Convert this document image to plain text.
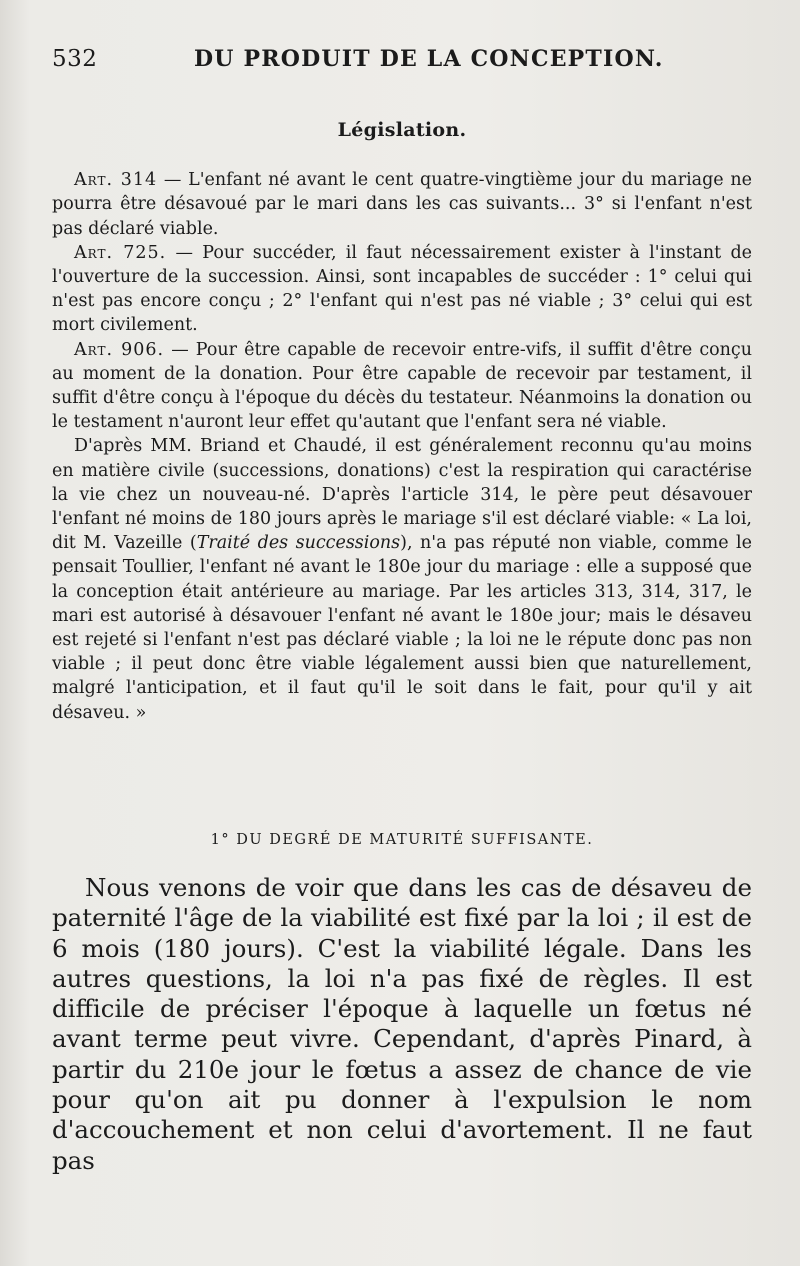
532	DU PRODUIT DE LA CONCEPTION.

Législation.

Art. 314 — L'enfant né avant le cent quatre-vingtième jour du mariage ne pourra être désavoué par le mari dans les cas suivants... 3° si l'enfant n'est pas déclaré viable.

Art. 725. — Pour succéder, il faut nécessairement exister à l'instant de l'ouverture de la succession. Ainsi, sont incapables de succéder : 1° celui qui n'est pas encore conçu ; 2° l'enfant qui n'est pas né viable ; 3° celui qui est mort civilement.

Art. 906. — Pour être capable de recevoir entre-vifs, il suffit d'être conçu au moment de la donation. Pour être capable de recevoir par testament, il suffit d'être conçu à l'époque du décès du testateur. Néanmoins la donation ou le testament n'auront leur effet qu'autant que l'enfant sera né viable.

D'après MM. Briand et Chaudé, il est généralement reconnu qu'au moins en matière civile (successions, donations) c'est la respiration qui caractérise la vie chez un nouveau-né. D'après l'article 314, le père peut désavouer l'enfant né moins de 180 jours après le mariage s'il est déclaré viable: « La loi, dit M. Vazeille (Traité des successions), n'a pas réputé non viable, comme le pensait Toullier, l'enfant né avant le 180e jour du mariage : elle a supposé que la conception était antérieure au mariage. Par les articles 313, 314, 317, le mari est autorisé à désavouer l'enfant né avant le 180e jour; mais le désaveu est rejeté si l'enfant n'est pas déclaré viable ; la loi ne le répute donc pas non viable ; il peut donc être viable légalement aussi bien que naturellement, malgré l'anticipation, et il faut qu'il le soit dans le fait, pour qu'il y ait désaveu. »

1° DU DEGRÉ DE MATURITÉ SUFFISANTE.

Nous venons de voir que dans les cas de désaveu de paternité l'âge de la viabilité est fixé par la loi ; il est de 6 mois (180 jours). C'est la viabilité légale. Dans les autres questions, la loi n'a pas fixé de règles. Il est difficile de préciser l'époque à laquelle un fœtus né avant terme peut vivre. Cependant, d'après Pinard, à partir du 210e jour le fœtus a assez de chance de vie pour qu'on ait pu donner à l'expulsion le nom d'accouchement et non celui d'avortement. Il ne faut pas
